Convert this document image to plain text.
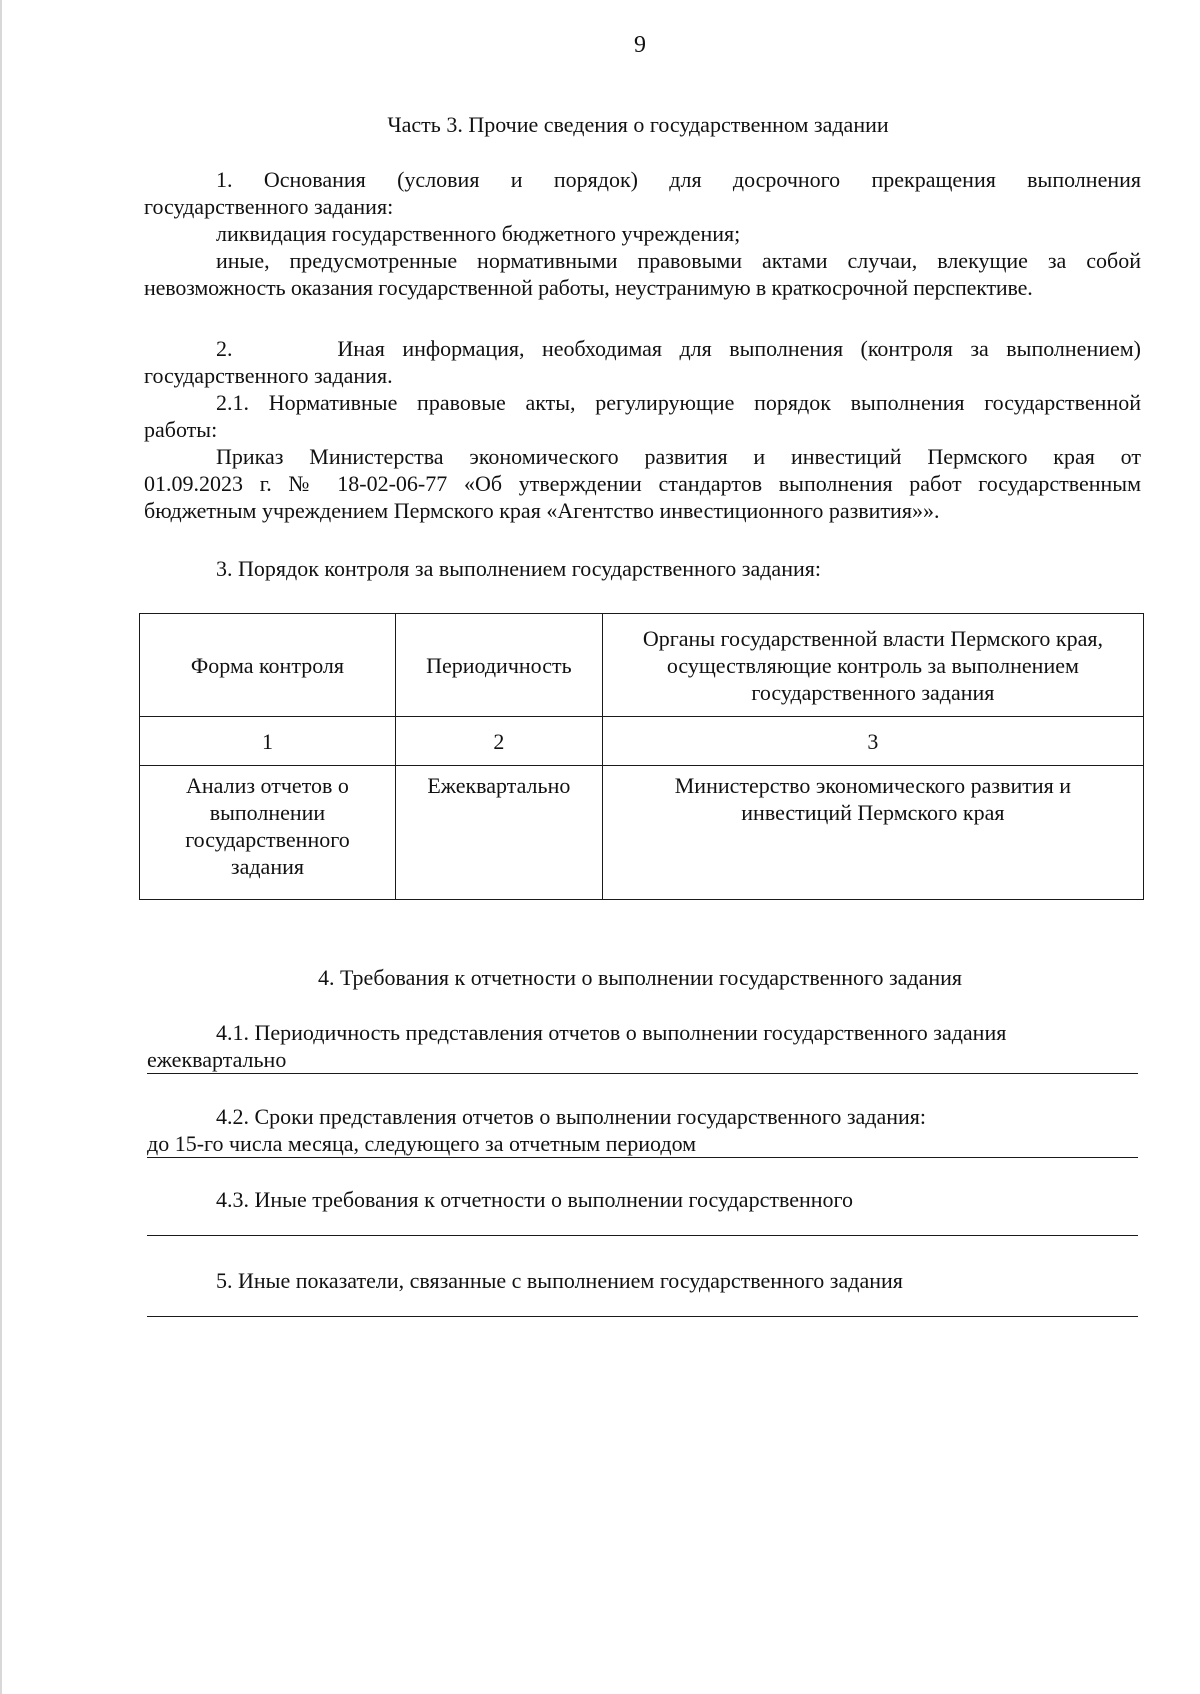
9
Часть 3. Прочие сведения о государственном задании
1. Основания (условия и порядок) для досрочного прекращения выполнения
государственного задания:
ликвидация государственного бюджетного учреждения;
иные, предусмотренные нормативными правовыми актами случаи, влекущие за собой
невозможность оказания государственной работы, неустранимую в краткосрочной перспективе.
2.	Иная информация, необходимая для выполнения (контроля за выполнением)
государственного задания.
2.1. Нормативные правовые акты, регулирующие порядок выполнения государственной
работы:
Приказ Министерства экономического развития и инвестиций Пермского края от
01.09.2023 г. № 18-02-06-77 «Об утверждении стандартов выполнения работ государственным
бюджетным учреждением Пермского края «Агентство инвестиционного развития»».
3. Порядок контроля за выполнением государственного задания:
Форма контроля	Периодичность	Органы государственной власти Пермского края, осуществляющие контроль за выполнением государственного задания
1	2	3
Анализ отчетов о выполнении государственного задания	Ежеквартально	Министерство экономического развития и инвестиций Пермского края
4. Требования к отчетности о выполнении государственного задания
4.1. Периодичность представления отчетов о выполнении государственного задания
ежеквартально
4.2. Сроки представления отчетов о выполнении государственного задания:
до 15-го числа месяца, следующего за отчетным периодом
4.3. Иные требования к отчетности о выполнении государственного
5. Иные показатели, связанные с выполнением государственного задания
